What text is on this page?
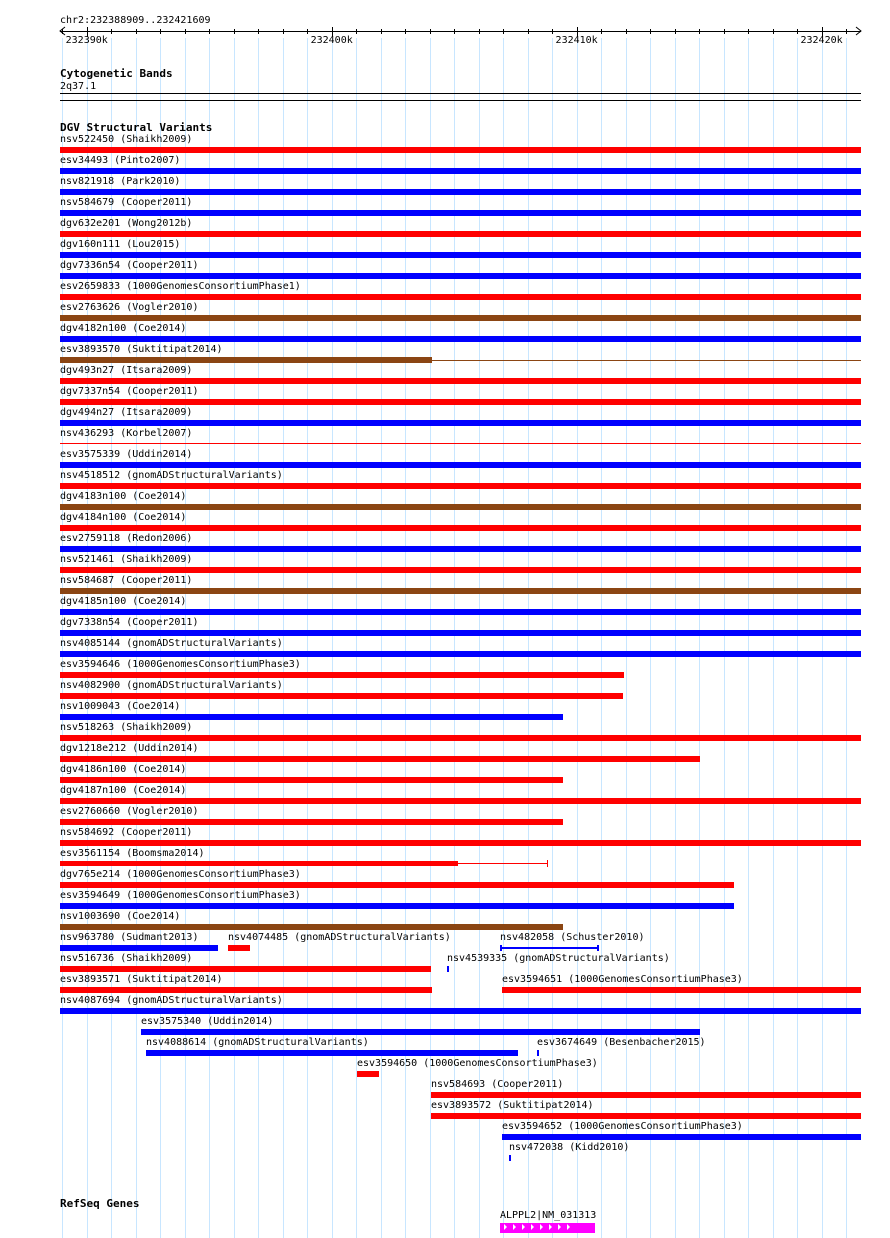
chr2:232388909..232421609
232390k	232400k	232410k	232420k
Cytogenetic Bands
2q37.1
DGV Structural Variants
nsv522450 (Shaikh2009)
esv34493 (Pinto2007)
nsv821918 (Park2010)
nsv584679 (Cooper2011)
dgv632e201 (Wong2012b)
dgv160n111 (Lou2015)
dgv7336n54 (Cooper2011)
esv2659833 (1000GenomesConsortiumPhase1)
esv2763626 (Vogler2010)
dgv4182n100 (Coe2014)
esv3893570 (Suktitipat2014)
dgv493n27 (Itsara2009)
dgv7337n54 (Cooper2011)
dgv494n27 (Itsara2009)
nsv436293 (Korbel2007)
esv3575339 (Uddin2014)
nsv4518512 (gnomADStructuralVariants)
dgv4183n100 (Coe2014)
dgv4184n100 (Coe2014)
esv2759118 (Redon2006)
nsv521461 (Shaikh2009)
nsv584687 (Cooper2011)
dgv4185n100 (Coe2014)
dgv7338n54 (Cooper2011)
nsv4085144 (gnomADStructuralVariants)
esv3594646 (1000GenomesConsortiumPhase3)
nsv4082900 (gnomADStructuralVariants)
nsv1009043 (Coe2014)
nsv518263 (Shaikh2009)
dgv1218e212 (Uddin2014)
dgv4186n100 (Coe2014)
dgv4187n100 (Coe2014)
esv2760660 (Vogler2010)
nsv584692 (Cooper2011)
esv3561154 (Boomsma2014)
dgv765e214 (1000GenomesConsortiumPhase3)
esv3594649 (1000GenomesConsortiumPhase3)
nsv1003690 (Coe2014)
nsv963780 (Sudmant2013)	nsv4074485 (gnomADStructuralVariants)	nsv482058 (Schuster2010)
nsv516736 (Shaikh2009)	nsv4539335 (gnomADStructuralVariants)
esv3893571 (Suktitipat2014)	esv3594651 (1000GenomesConsortiumPhase3)
nsv4087694 (gnomADStructuralVariants)
esv3575340 (Uddin2014)
nsv4088614 (gnomADStructuralVariants)	esv3674649 (Besenbacher2015)
esv3594650 (1000GenomesConsortiumPhase3)
nsv584693 (Cooper2011)
esv3893572 (Suktitipat2014)
esv3594652 (1000GenomesConsortiumPhase3)
nsv472038 (Kidd2010)
RefSeq Genes
ALPPL2|NM_031313
